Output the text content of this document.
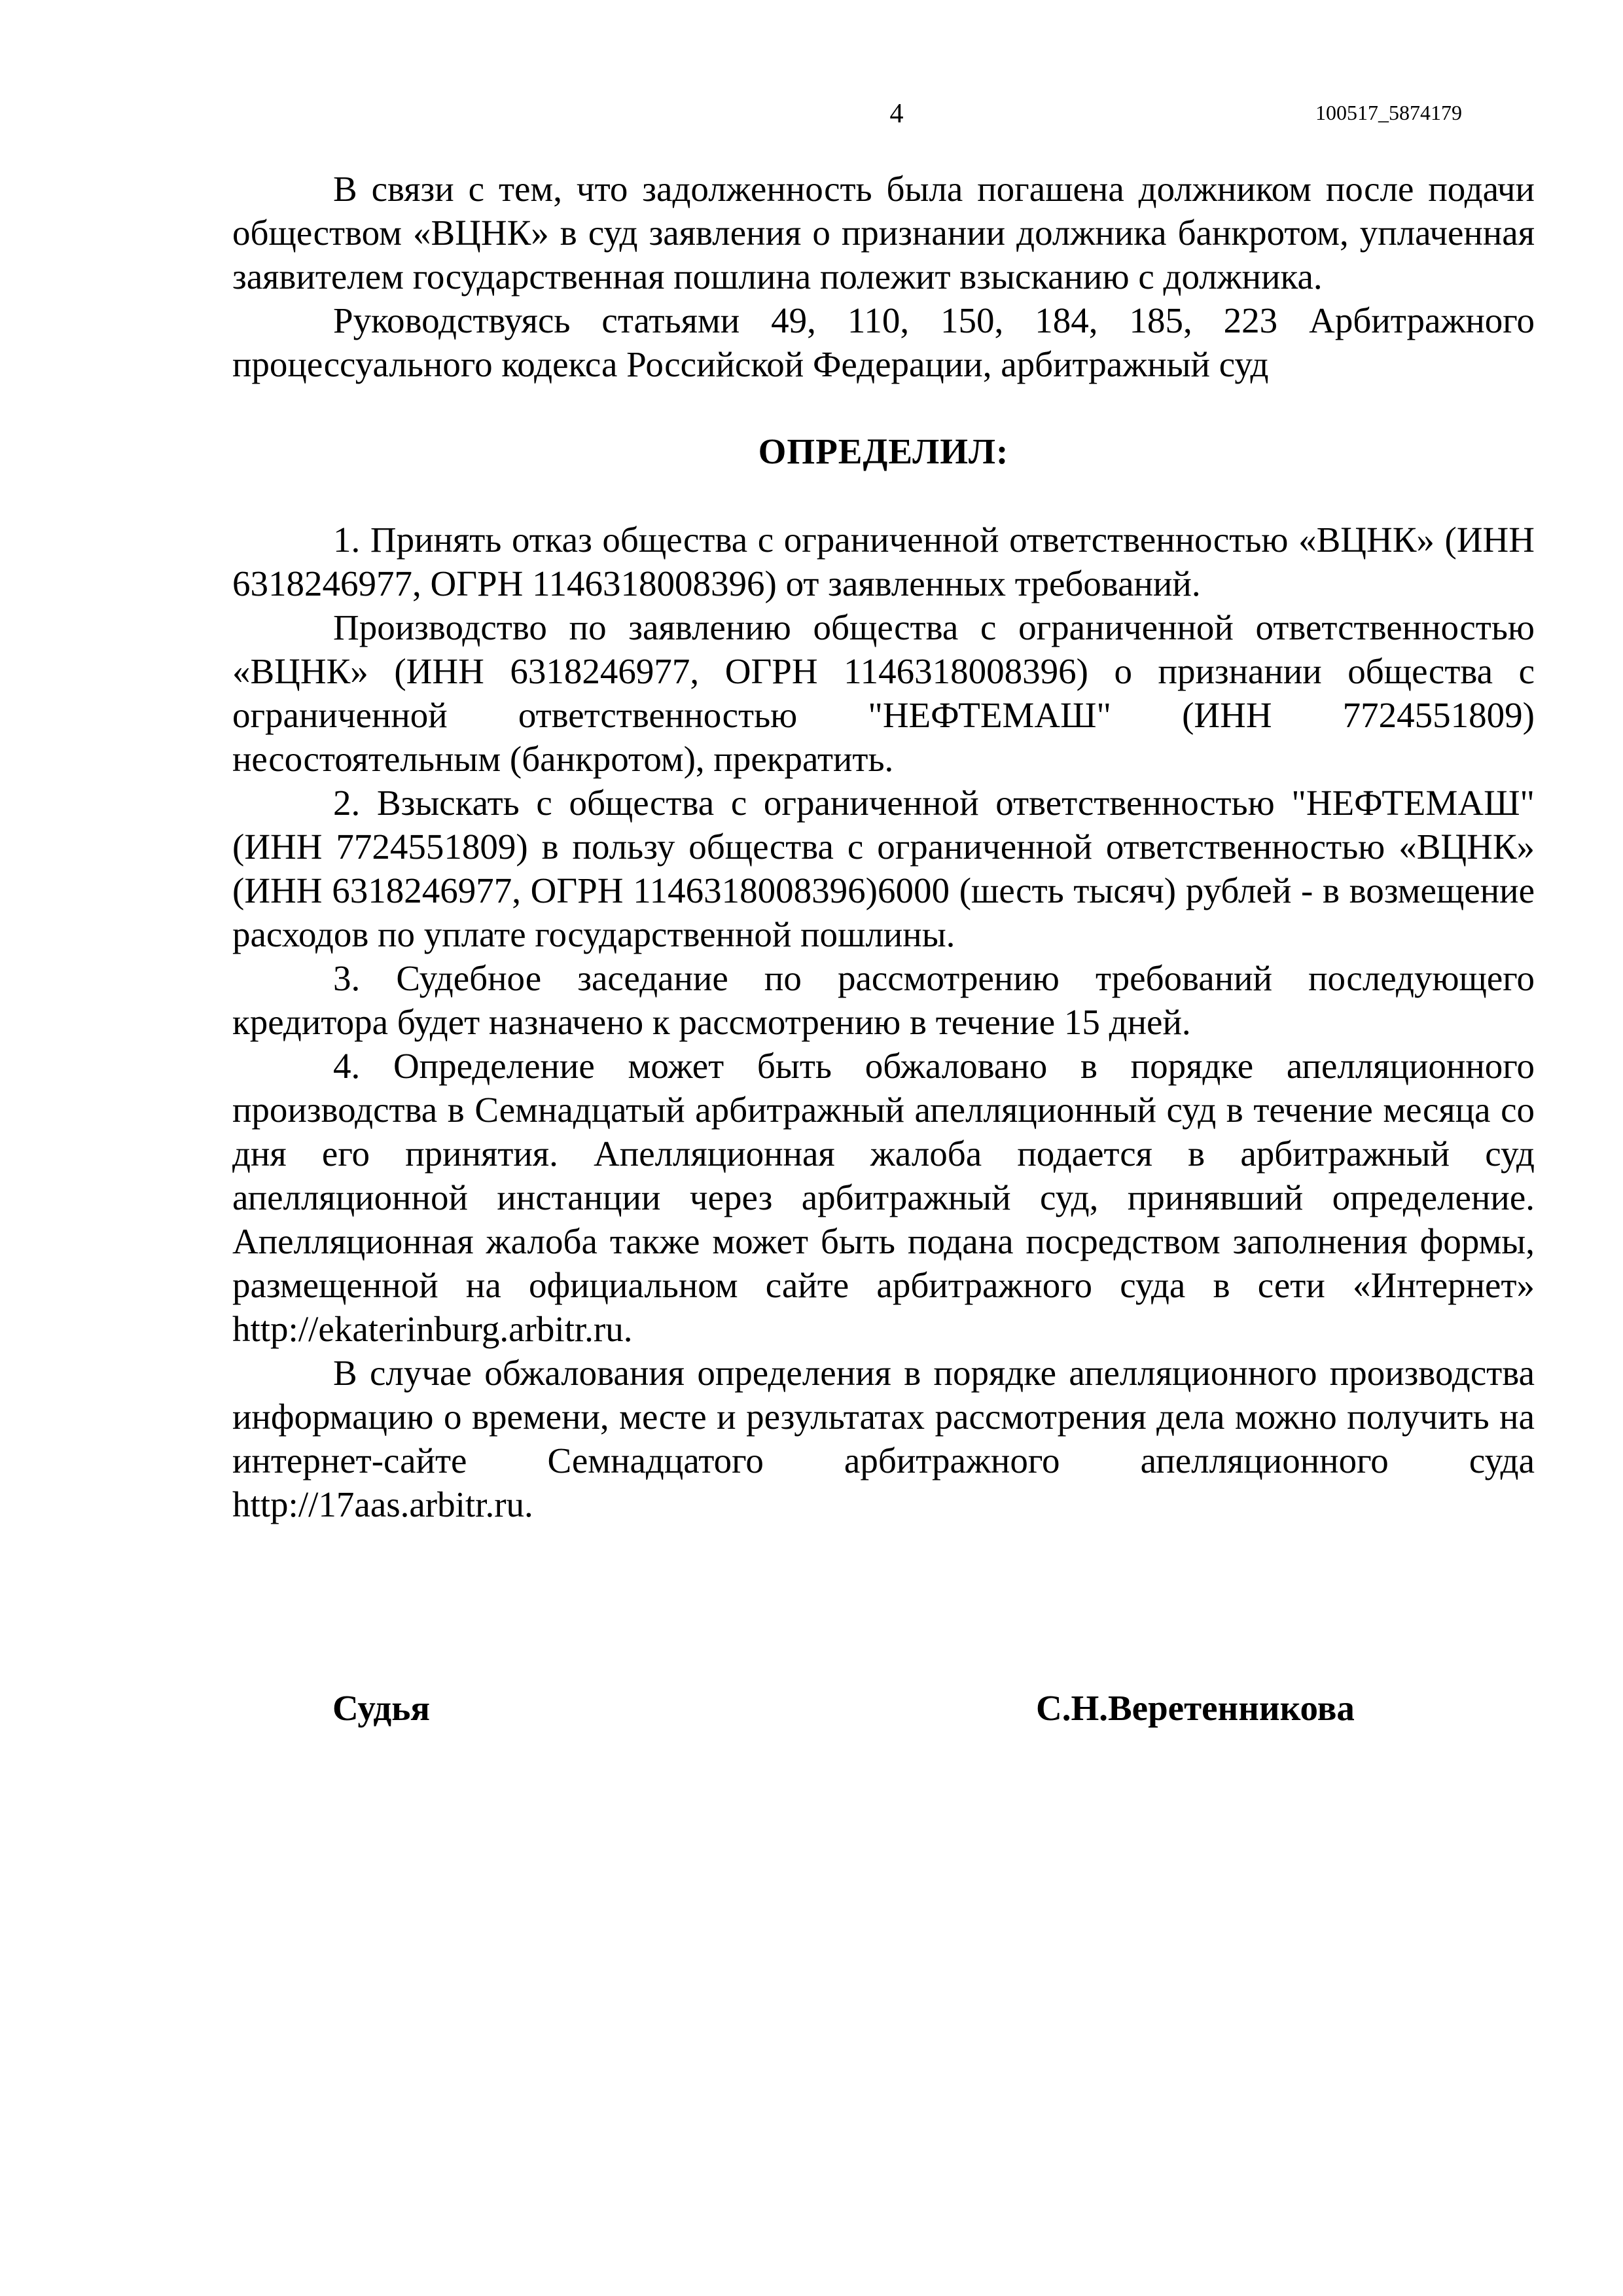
4	100517_5874179

В связи с тем, что задолженность была погашена должником после подачи обществом «ВЦНК» в суд заявления о признании должника банкротом, уплаченная заявителем государственная пошлина полежит взысканию с должника.

Руководствуясь статьями 49, 110, 150, 184, 185, 223 Арбитражного процессуального кодекса Российской Федерации, арбитражный суд

ОПРЕДЕЛИЛ:

1. Принять отказ общества с ограниченной ответственностью «ВЦНК» (ИНН 6318246977, ОГРН 1146318008396) от заявленных требований.

Производство по заявлению общества с ограниченной ответственностью «ВЦНК» (ИНН 6318246977, ОГРН 1146318008396) о признании общества с ограниченной ответственностью "НЕФТЕМАШ" (ИНН 7724551809) несостоятельным (банкротом), прекратить.

2. Взыскать с общества с ограниченной ответственностью "НЕФТЕМАШ" (ИНН 7724551809) в пользу общества с ограниченной ответственностью «ВЦНК» (ИНН 6318246977, ОГРН 1146318008396)6000 (шесть тысяч) рублей - в возмещение расходов по уплате государственной пошлины.

3. Судебное заседание по рассмотрению требований последующего кредитора будет назначено к рассмотрению в течение 15 дней.

4. Определение может быть обжаловано в порядке апелляционного производства в Семнадцатый арбитражный апелляционный суд в течение месяца со дня его принятия. Апелляционная жалоба подается в арбитражный суд апелляционной инстанции через арбитражный суд, принявший определение. Апелляционная жалоба также может быть подана посредством заполнения формы, размещенной на официальном сайте арбитражного суда в сети «Интернет» http://ekaterinburg.arbitr.ru.

В случае обжалования определения в порядке апелляционного производства информацию о времени, месте и результатах рассмотрения дела можно получить на интернет-сайте Семнадцатого арбитражного апелляционного суда http://17aas.arbitr.ru.

Судья	С.Н.Веретенникова
